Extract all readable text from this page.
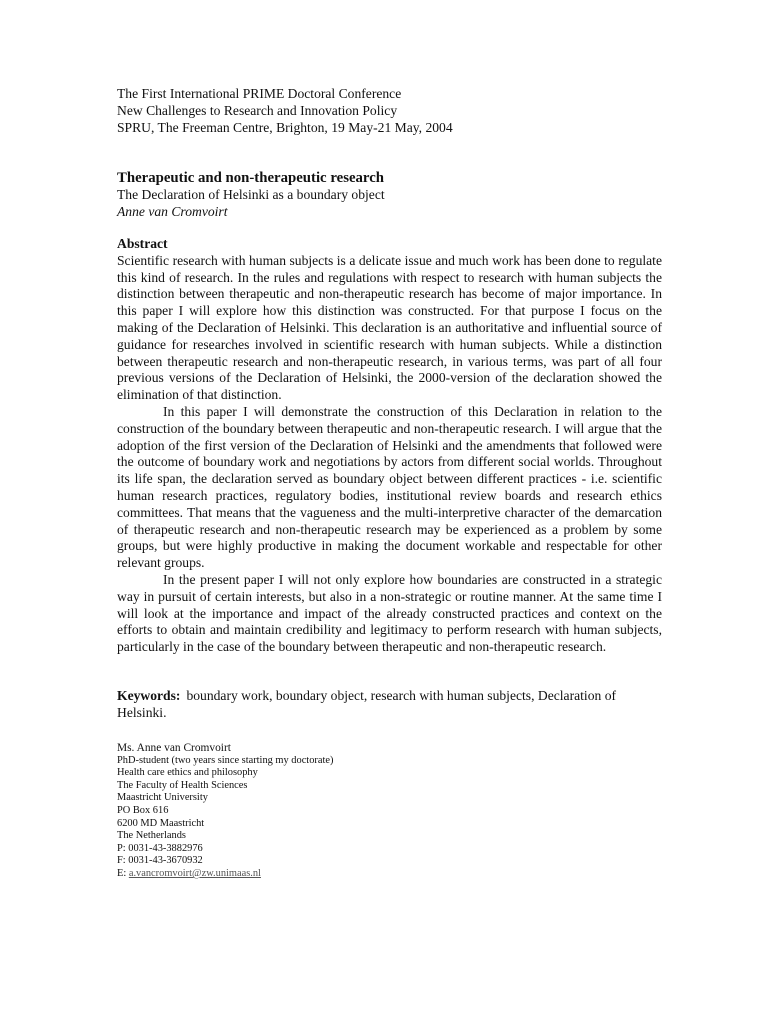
The First International PRIME Doctoral Conference
New Challenges to Research and Innovation Policy
SPRU, The Freeman Centre, Brighton, 19 May-21 May, 2004
Therapeutic and non-therapeutic research
The Declaration of Helsinki as a boundary object
Anne van Cromvoirt
Abstract

Scientific research with human subjects is a delicate issue and much work has been done to regulate this kind of research. In the rules and regulations with respect to research with human subjects the distinction between therapeutic and non-therapeutic research has become of major importance. In this paper I will explore how this distinction was constructed. For that purpose I focus on the making of the Declaration of Helsinki. This declaration is an authoritative and influential source of guidance for researches involved in scientific research with human subjects. While a distinction between therapeutic research and non-therapeutic research, in various terms, was part of all four previous versions of the Declaration of Helsinki, the 2000-version of the declaration showed the elimination of that distinction.

In this paper I will demonstrate the construction of this Declaration in relation to the construction of the boundary between therapeutic and non-therapeutic research. I will argue that the adoption of the first version of the Declaration of Helsinki and the amendments that followed were the outcome of boundary work and negotiations by actors from different social worlds. Throughout its life span, the declaration served as boundary object between different practices - i.e. scientific human research practices, regulatory bodies, institutional review boards and research ethics committees. That means that the vagueness and the multi-interpretive character of the demarcation of therapeutic research and non-therapeutic research may be experienced as a problem by some groups, but were highly productive in making the document workable and respectable for other relevant groups.

In the present paper I will not only explore how boundaries are constructed in a strategic way in pursuit of certain interests, but also in a non-strategic or routine manner. At the same time I will look at the importance and impact of the already constructed practices and context on the efforts to obtain and maintain credibility and legitimacy to perform research with human subjects, particularly in the case of the boundary between therapeutic and non-therapeutic research.

Keywords: boundary work, boundary object, research with human subjects, Declaration of Helsinki.
Ms. Anne van Cromvoirt
PhD-student (two years since starting my doctorate)
Health care ethics and philosophy
The Faculty of Health Sciences
Maastricht University
PO Box 616
6200 MD Maastricht
The Netherlands
P: 0031-43-3882976
F: 0031-43-3670932
E: a.vancromvoirt@zw.unimaas.nl
